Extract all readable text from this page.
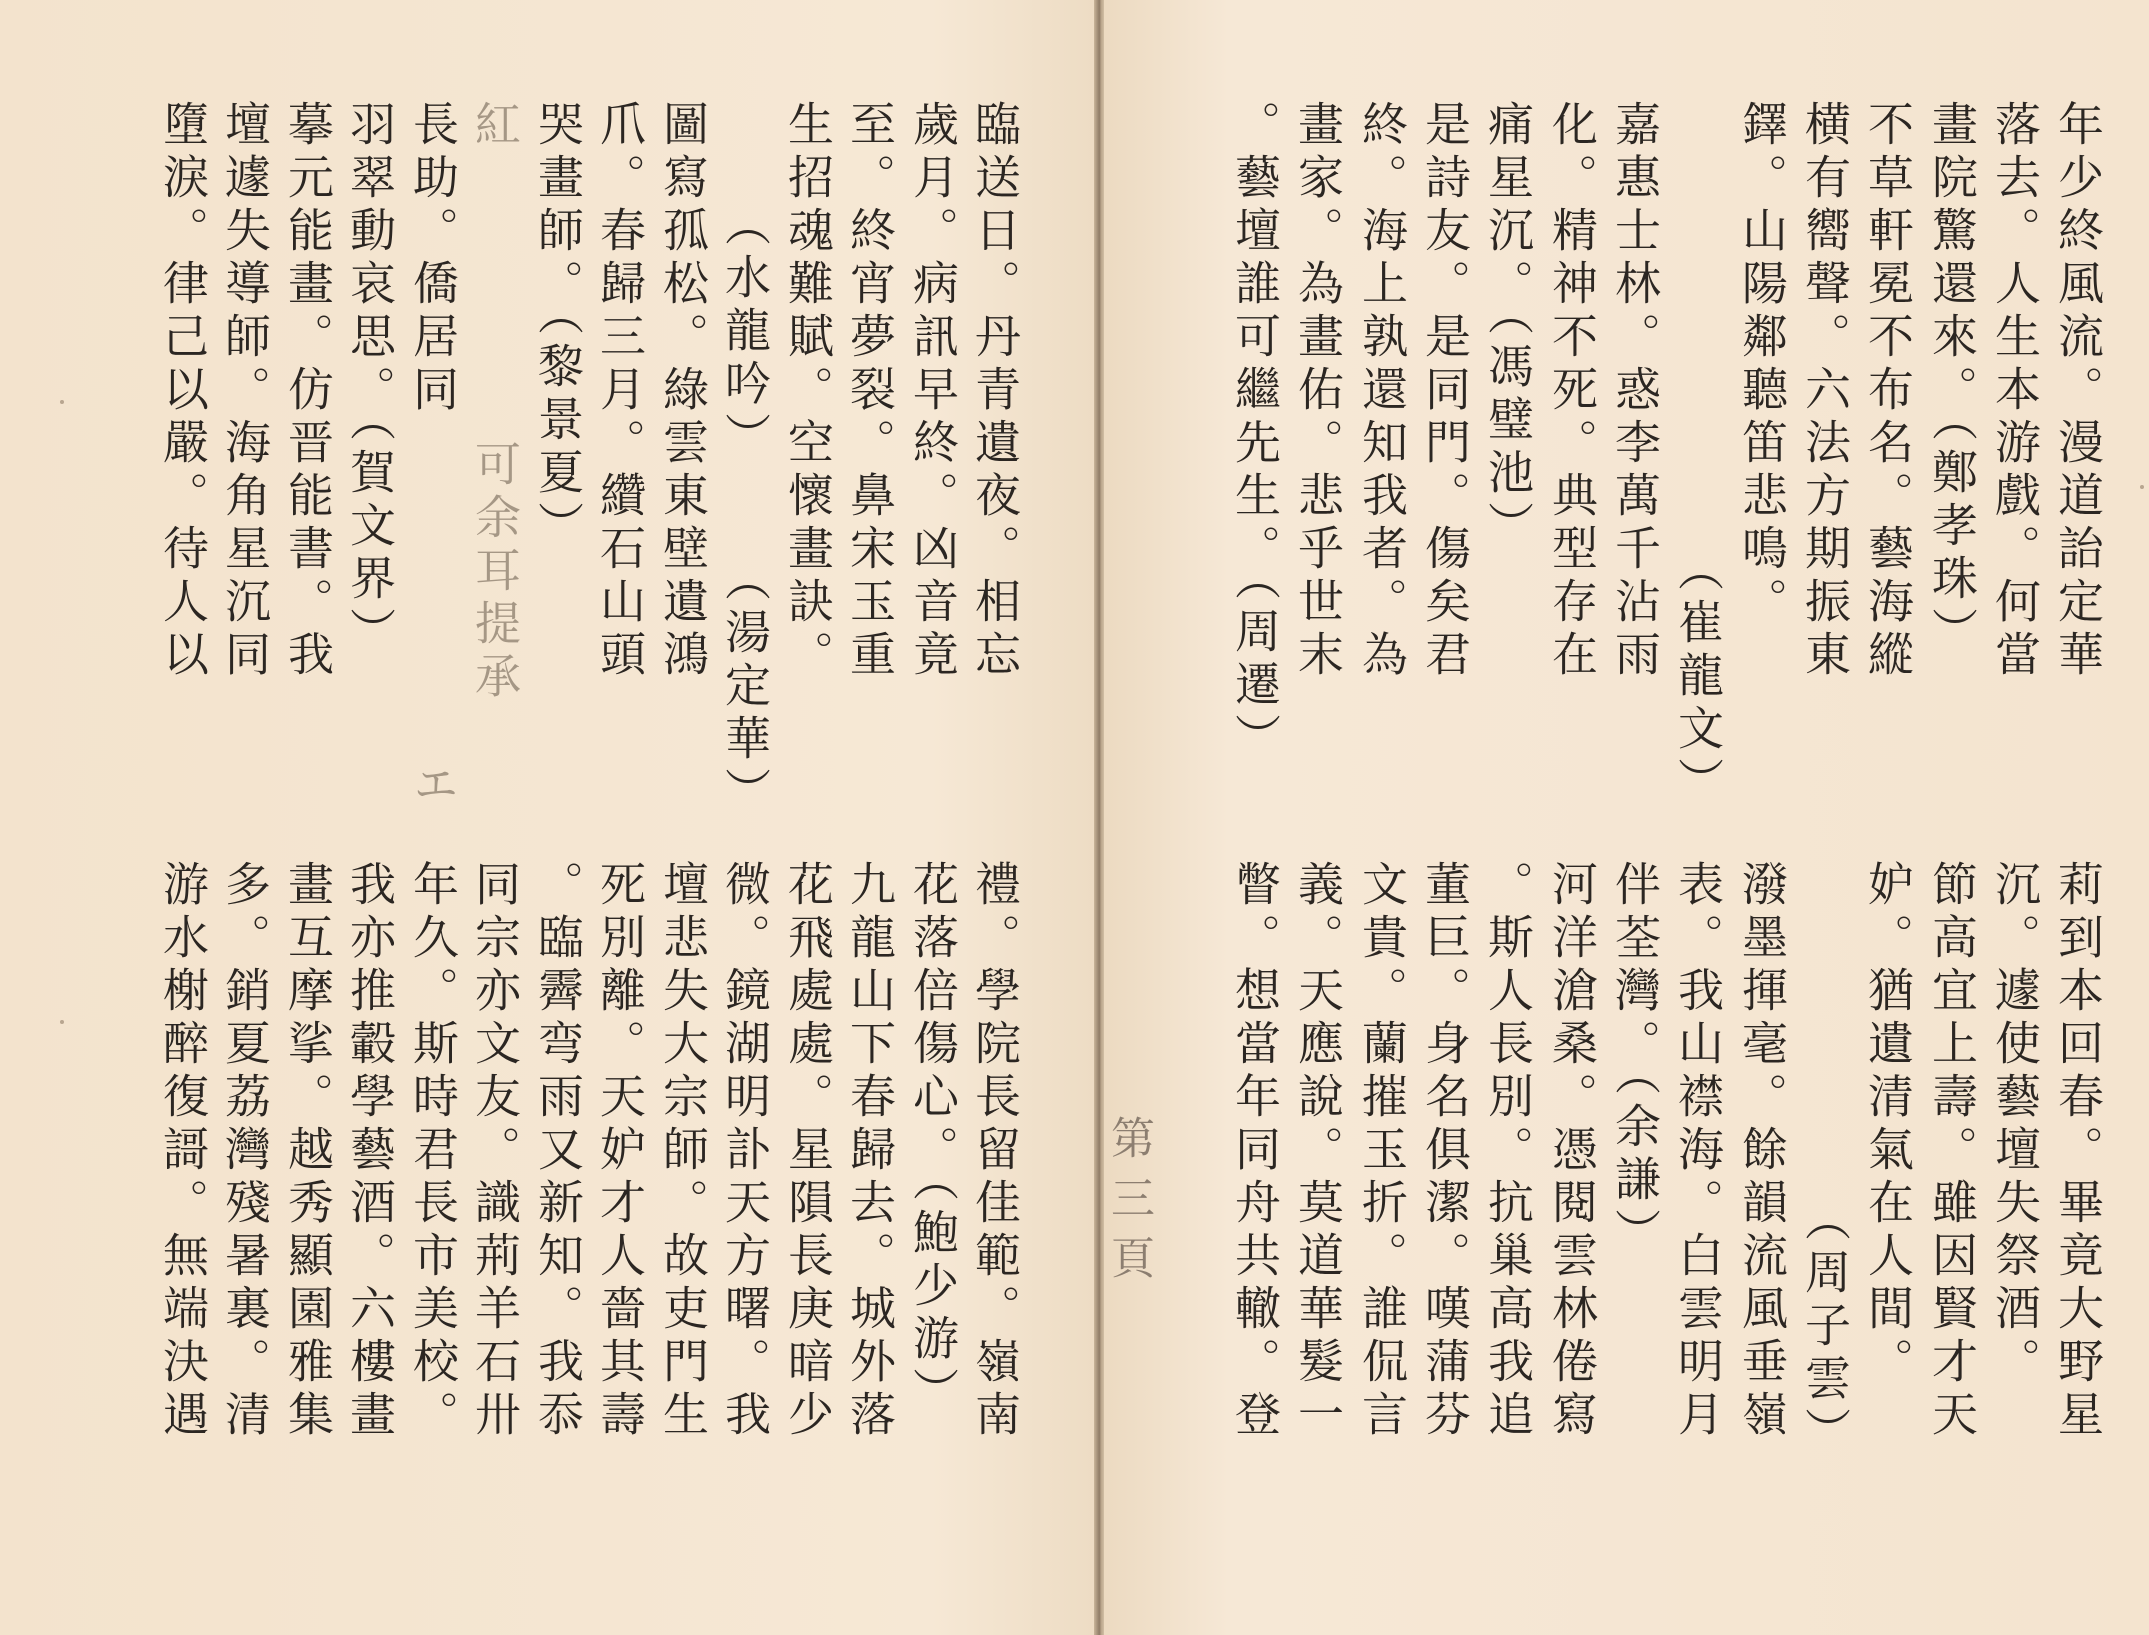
年少終風流。漫道詒定華
落去。人生本游戲。何當
畫院驚還來。（鄭孝珠）
不草軒冕不布名。藝海縱
横有嚮聲。六法方期振東
鐸。山陽鄰聽笛悲鳴。
（崔龍文）
嘉惠士林。惑李萬千沾雨
化。精神不死。典型存在
痛星沉。（馮璧池）
是詩友。是同門。傷矣君
終。海上孰還知我者。為
畫家。為畫佑。悲乎世末
。藝壇誰可繼先生。（周遷）
莉到本回春。畢竟大野星
沉。遽使藝壇失祭酒。
節高宜上壽。雖因賢才天
妒。猶遺清氣在人間。
（周子雲）
潑墨揮毫。餘韻流風垂嶺
表。我山襟海。白雲明月
伴荃灣。（余謙）
河洋滄桑。憑閱雲林倦寫
。斯人長別。抗巢高我追
董巨。身名俱潔。嘆蒲芬
文貴。蘭摧玉折。誰侃言
義。天應說。莫道華髮一
瞥。想當年同舟共轍。登
第三頁
臨送日。丹青遺夜。相忘
歲月。病訊早終。凶音竟
至。終宵夢裂。鼻宋玉重
生招魂難賦。空懷畫訣。
（湯定華）
（水龍吟）
圖寫孤松。綠雲東壁遺鴻
爪。春歸三月。纘石山頭
哭畫師。（黎景夏）
長助。僑居同
羽翠動哀思。（賀文界）
摹元能畫。仿晋能書。我
壇遽失導師。海角星沉同
墮淚。律己以嚴。待人以	紅
可余耳提承
エ
禮。學院長留佳範。嶺南
花落倍傷心。（鮑少游）
九龍山下春歸去。城外落
花飛處處。星隕長庚暗少
微。鏡湖明訃天方曙。我
壇悲失大宗師。故吏門生
死別離。天妒才人嗇其壽
。臨霽弯雨又新知。我忝
同宗亦文友。識荊羊石卅
年久。斯時君長市美校。
我亦推轂學藝酒。六樓畫
畫互摩挲。越秀顯園雅集
多。銷夏荔灣殘暑裏。清
游水榭醉復謌。無端決遇
